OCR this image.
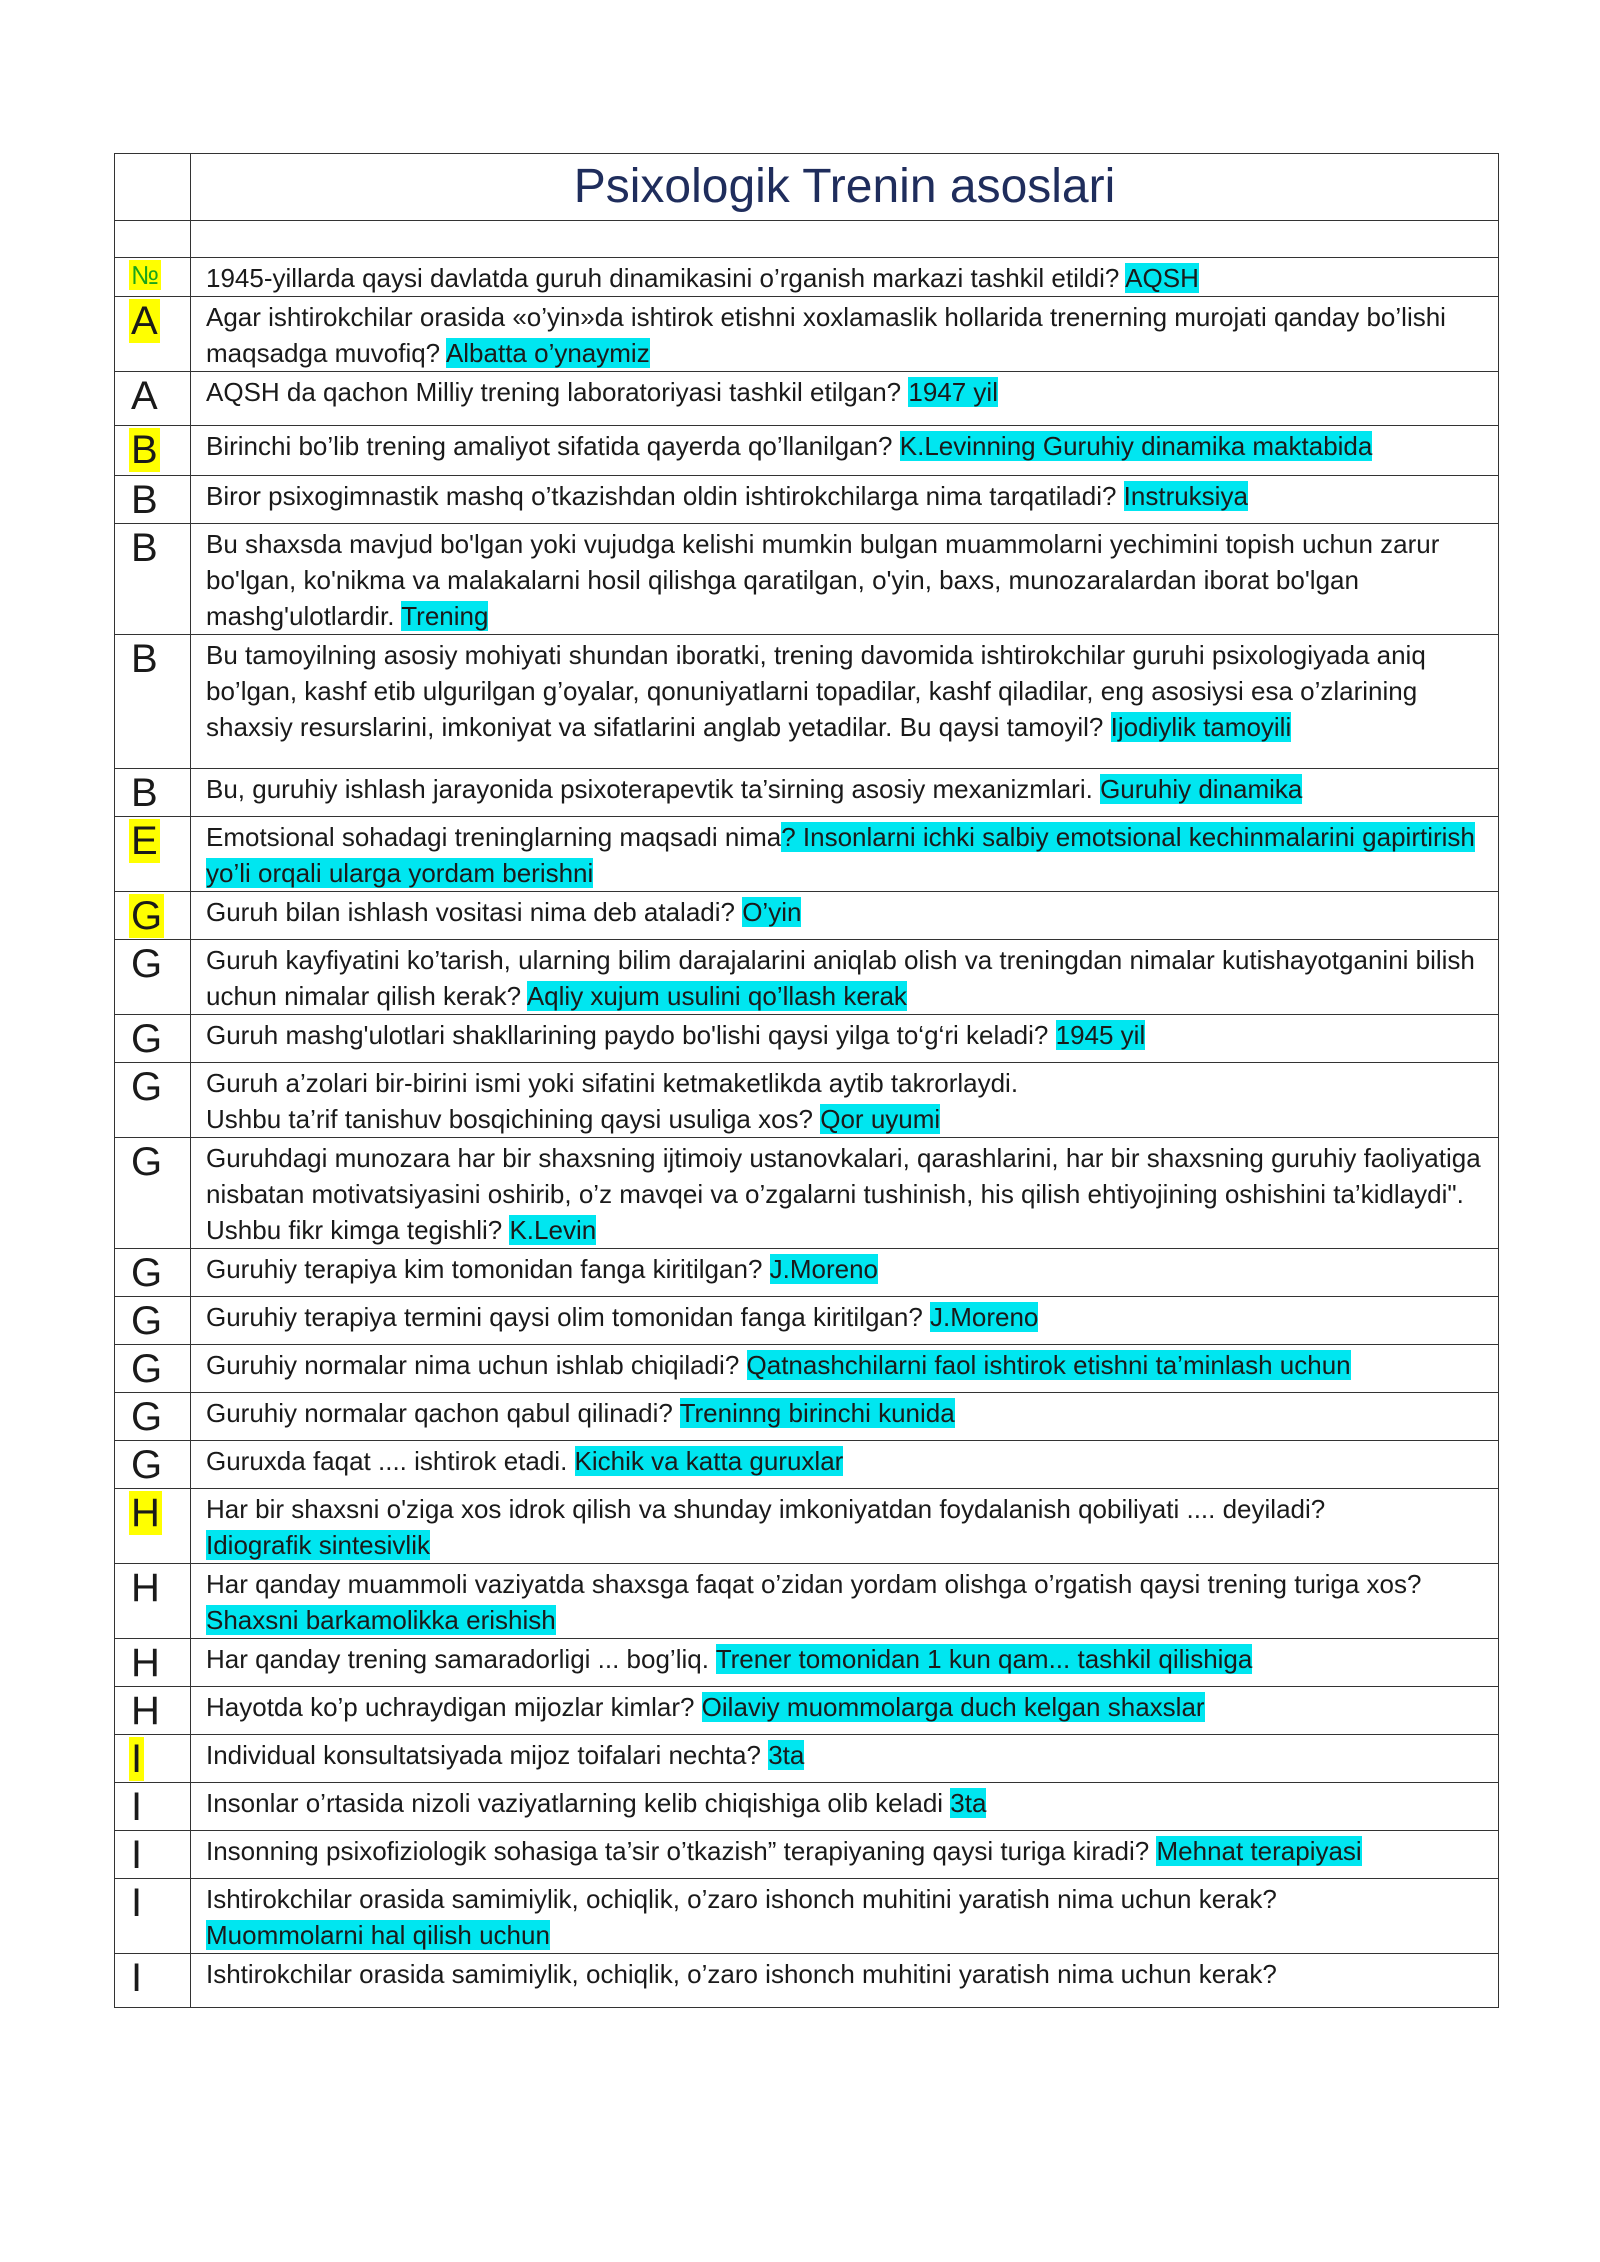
	Psixologik Trenin asoslari

№	1945-yillarda qaysi davlatda guruh dinamikasini o’rganish markazi tashkil etildi? AQSH
A	Agar ishtirokchilar orasida «o’yin»da ishtirok etishni xoxlamaslik hollarida trenerning murojati qanday bo’lishi maqsadga muvofiq? Albatta o’ynaymiz
A	AQSH da qachon Milliy trening laboratoriyasi tashkil etilgan? 1947 yil
B	Birinchi bo’lib trening amaliyot sifatida qayerda qo’llanilgan? K.Levinning Guruhiy dinamika maktabida
B	Biror psixogimnastik mashq o’tkazishdan oldin ishtirokchilarga nima tarqatiladi? Instruksiya
B	Bu shaxsda mavjud bo'lgan yoki vujudga kelishi mumkin bulgan muammolarni yechimini topish uchun zarur bo'lgan, ko'nikma va malakalarni hosil qilishga qaratilgan, o'yin, baxs, munozaralardan iborat bo'lgan mashg'ulotlardir. Trening
B	Bu tamoyilning asosiy mohiyati shundan iboratki, trening davomida ishtirokchilar guruhi psixologiyada aniq bo’lgan, kashf etib ulgurilgan g’oyalar, qonuniyatlarni topadilar, kashf qiladilar, eng asosiysi esa o’zlarining shaxsiy resurslarini, imkoniyat va sifatlarini anglab yetadilar. Bu qaysi tamoyil? Ijodiylik tamoyili
B	Bu, guruhiy ishlash jarayonida psixoterapevtik ta’sirning asosiy mexanizmlari. Guruhiy dinamika
E	Emotsional sohadagi treninglarning maqsadi nima? Insonlarni ichki salbiy emotsional kechinmalarini gapirtirish yo’li orqali ularga yordam berishni
G	Guruh bilan ishlash vositasi nima deb ataladi? O’yin
G	Guruh kayfiyatini ko’tarish, ularning bilim darajalarini aniqlab olish va treningdan nimalar kutishayotganini bilish uchun nimalar qilish kerak? Aqliy xujum usulini qo’llash kerak
G	Guruh mashg'ulotlari shakllarining paydo bo'lishi qaysi yilga to‘g‘ri keladi? 1945 yil
G	Guruh a’zolari bir-birini ismi yoki sifatini ketmaketlikda aytib takrorlaydi.
Ushbu ta’rif tanishuv bosqichining qaysi usuliga xos? Qor uyumi
G	Guruhdagi munozara har bir shaxsning ijtimoiy ustanovkalari, qarashlarini, har bir shaxsning guruhiy faoliyatiga nisbatan motivatsiyasini oshirib, o’z mavqei va o’zgalarni tushinish, his qilish ehtiyojining oshishini ta’kidlaydi". Ushbu fikr kimga tegishli? K.Levin
G	Guruhiy terapiya kim tomonidan fanga kiritilgan? J.Moreno
G	Guruhiy terapiya termini qaysi olim tomonidan fanga kiritilgan? J.Moreno
G	Guruhiy normalar nima uchun ishlab chiqiladi? Qatnashchilarni faol ishtirok etishni ta’minlash uchun
G	Guruhiy normalar qachon qabul qilinadi? Treninng birinchi kunida
G	Guruxda faqat .... ishtirok etadi. Kichik va katta guruxlar
H	Har bir shaxsni o'ziga xos idrok qilish va shunday imkoniyatdan foydalanish qobiliyati .... deyiladi?
Idiografik sintesivlik
H	Har qanday muammoli vaziyatda shaxsga faqat o’zidan yordam olishga o’rgatish qaysi trening turiga xos?
Shaxsni barkamolikka erishish
H	Har qanday trening samaradorligi ... bog’liq. Trener tomonidan 1 kun qam... tashkil qilishiga
H	Hayotda ko’p uchraydigan mijozlar kimlar? Oilaviy muommolarga duch kelgan shaxslar
I	Individual konsultatsiyada mijoz toifalari nechta? 3ta
I	Insonlar o’rtasida nizoli vaziyatlarning kelib chiqishiga olib keladi 3ta
I	Insonning psixofiziologik sohasiga ta’sir o’tkazish” terapiyaning qaysi turiga kiradi? Mehnat terapiyasi
I	Ishtirokchilar orasida samimiylik, ochiqlik, o’zaro ishonch muhitini yaratish nima uchun kerak?
Muommolarni hal qilish uchun
I	Ishtirokchilar orasida samimiylik, ochiqlik, o’zaro ishonch muhitini yaratish nima uchun kerak?
